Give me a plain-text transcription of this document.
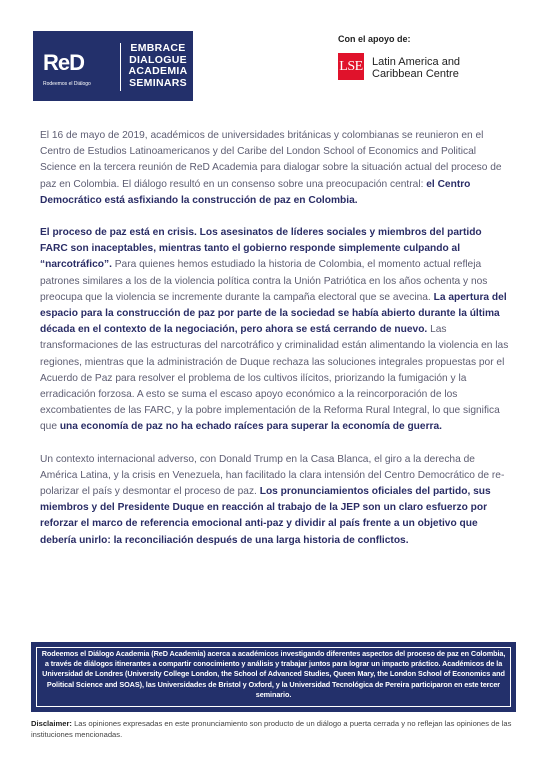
ReD
Rodeemos el Diálogo
EMBRACE
DIALOGUE
ACADEMIA
SEMINARS
Con el apoyo de:
LSE Latin America and
Caribbean Centre

El 16 de mayo de 2019, académicos de universidades británicas y colombianas se reunieron en el Centro de Estudios Latinoamericanos y del Caribe del London School of Economics and Political Science en la tercera reunión de ReD Academia para dialogar sobre la situación actual del proceso de paz en Colombia. El diálogo resultó en un consenso sobre una preocupación central: el Centro Democrático está asfixiando la construcción de paz en Colombia.

El proceso de paz está en crisis. Los asesinatos de líderes sociales y miembros del partido FARC son inaceptables, mientras tanto el gobierno responde simplemente culpando al “narcotráfico”. Para quienes hemos estudiado la historia de Colombia, el momento actual refleja patrones similares a los de la violencia política contra la Unión Patriótica en los años ochenta y nos preocupa que la violencia se incremente durante la campaña electoral que se avecina. La apertura del espacio para la construcción de paz por parte de la sociedad se había abierto durante la última década en el contexto de la negociación, pero ahora se está cerrando de nuevo. Las transformaciones de las estructuras del narcotráfico y criminalidad están alimentando la violencia en las regiones, mientras que la administración de Duque rechaza las soluciones integrales propuestas por el Acuerdo de Paz para resolver el problema de los cultivos ilícitos, priorizando la fumigación y la erradicación forzosa. A esto se suma el escaso apoyo económico a la reincorporación de los excombatientes de las FARC, y la pobre implementación de la Reforma Rural Integral, lo que significa que una economía de paz no ha echado raíces para superar la economía de guerra.

Un contexto internacional adverso, con Donald Trump en la Casa Blanca, el giro a la derecha de América Latina, y la crisis en Venezuela, han facilitado la clara intensión del Centro Democrático de re-polarizar el país y desmontar el proceso de paz. Los pronunciamientos oficiales del partido, sus miembros y del Presidente Duque en reacción al trabajo de la JEP son un claro esfuerzo por reforzar el marco de referencia emocional anti-paz y dividir al país frente a un objetivo que debería unirlo: la reconciliación después de una larga historia de conflictos.

Rodeemos el Diálogo Academia (ReD Academia) acerca a académicos investigando diferentes aspectos del proceso de paz en Colombia, a través de diálogos itinerantes a compartir conocimiento y análisis y trabajar juntos para lograr un impacto práctico. Académicos de la Universidad de Londres (University College London, the School of Advanced Studies, Queen Mary, the London School of Economics and Political Science and SOAS), las Universidades de Bristol y Oxford, y la Universidad Tecnológica de Pereira participaron en este tercer seminario.
Disclaimer: Las opiniones expresadas en este pronunciamiento son producto de un diálogo a puerta cerrada y no reflejan las opiniones de las instituciones mencionadas.
